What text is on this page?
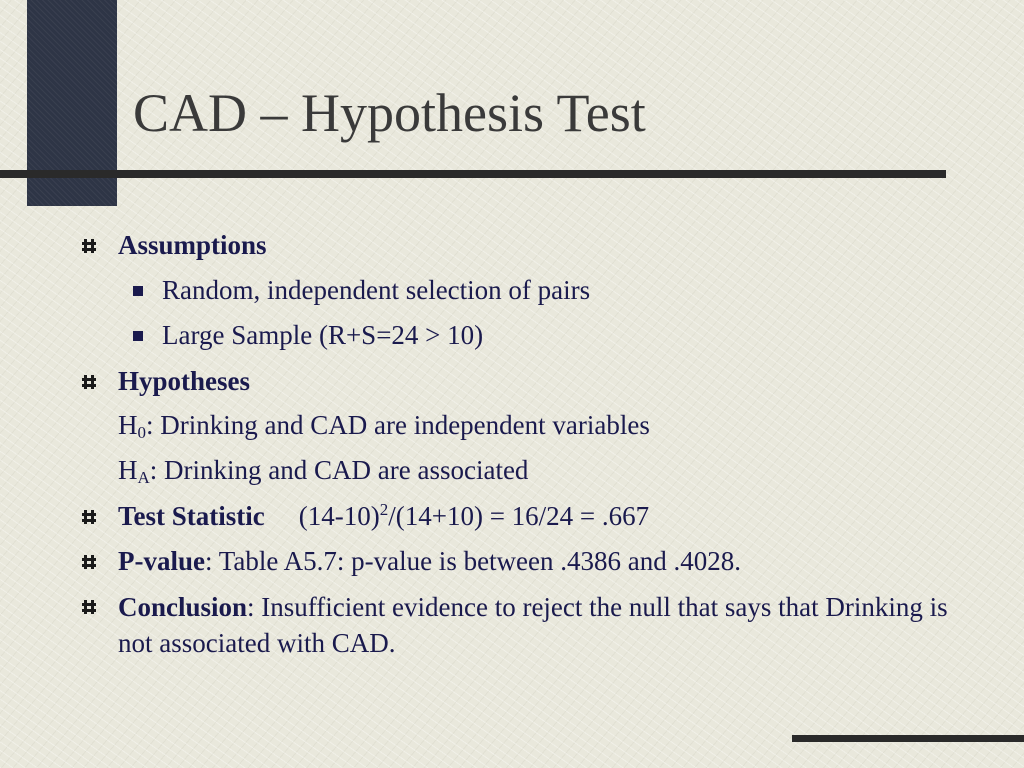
CAD – Hypothesis Test
Assumptions
Random, independent selection of pairs
Large Sample (R+S=24 > 10)
Hypotheses
$H_0$: Drinking and CAD are independent variables
$H_A$: Drinking and CAD are associated
Test Statistic $(14-10)^2/(14+10) = 16/24 = .667$
P-value: Table A5.7: p-value is between .4386 and .4028.
Conclusion: Insufficient evidence to reject the null that says that Drinking is not associated with CAD.
